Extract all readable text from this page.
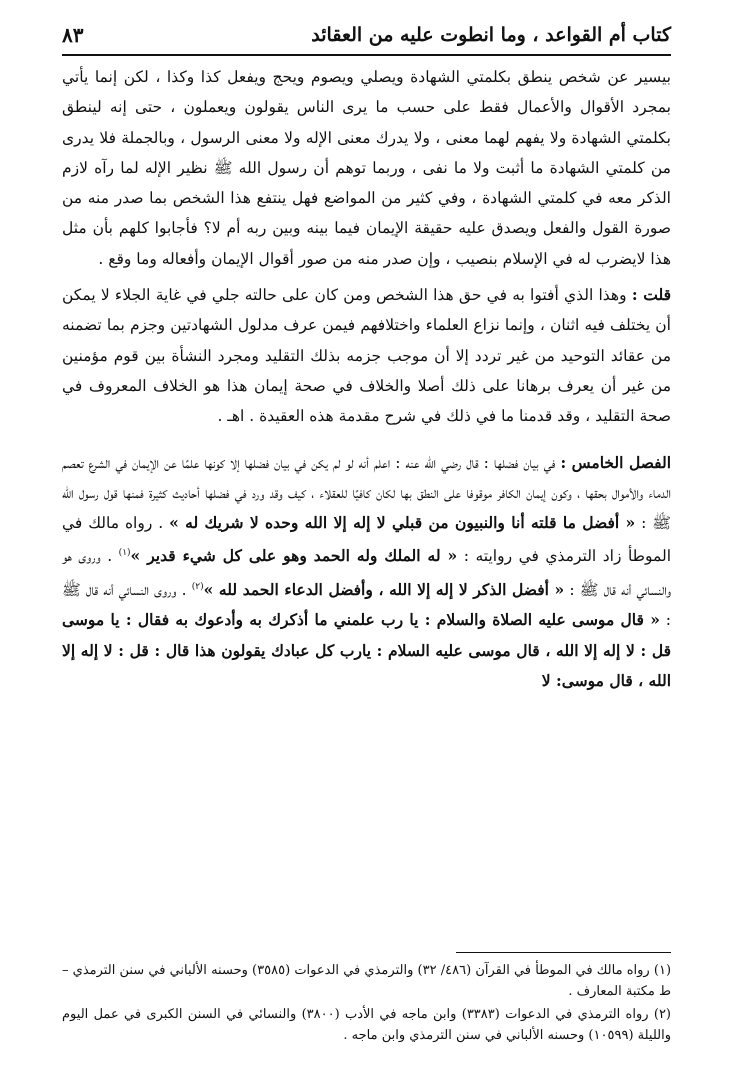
كتاب أم القواعد ، وما انطوت عليه من العقائد
٨٣

بيسير عن شخص ينطق بكلمتي الشهادة ويصلي ويصوم ويحج ويفعل كذا وكذا ، لكن إنما يأتي بمجرد الأقوال والأعمال فقط على حسب ما يرى الناس يقولون ويعملون ، حتى إنه لينطق بكلمتي الشهادة ولا يفهم لهما معنى ، ولا يدرك معنى الإله ولا معنى الرسول ، وبالجملة فلا يدرى من كلمتي الشهادة ما أثبت ولا ما نفى ، وربما توهم أن رسول الله ﷺ نظير الإله لما رآه لازم الذكر معه في كلمتي الشهادة ، وفي كثير من المواضع فهل ينتفع هذا الشخص بما صدر منه من صورة القول والفعل ويصدق عليه حقيقة الإيمان فيما بينه وبين ربه أم لا؟ فأجابوا كلهم بأن مثل هذا لايضرب له في الإسلام بنصيب ، وإن صدر منه من صور أقوال الإيمان وأفعاله وما وقع .

قلت : وهذا الذي أفتوا به في حق هذا الشخص ومن كان على حالته جلي في غاية الجلاء لا يمكن أن يختلف فيه اثنان ، وإنما نزاع العلماء واختلافهم فيمن عرف مدلول الشهادتين وجزم بما تضمنه من عقائد التوحيد من غير تردد إلا أن موجب جزمه بذلك التقليد ومجرد النشأة بين قوم مؤمنين من غير أن يعرف برهانا على ذلك أصلا والخلاف في صحة إيمان هذا هو الخلاف المعروف في صحة التقليد ، وقد قدمنا ما في ذلك في شرح مقدمة هذه العقيدة . اهـ .

الفصل الخامس : في بيان فضلها : قال رضي الله عنه : اعلم أنه لو لم يكن في بيان فضلها إلا كونها علمًا عن الإيمان في الشرع تعصم الدماء والأموال بحقها ، وكون إيمان الكافر موقوفا على النطق بها لكان كافيًا للعقلاء ، كيف وقد ورد في فضلها أحاديث كثيرة فمنها قول رسول الله ﷺ : « أفضل ما قلته أنا والنبيون من قبلي لا إله إلا الله وحده لا شريك له » . رواه مالك في الموطأ زاد الترمذي في روايته : « له الملك وله الحمد وهو على كل شيء قدير »$^{(١)}$ . وروى هو والنسائي أنه قال ﷺ : « أفضل الذكر لا إله إلا الله ، وأفضل الدعاء الحمد لله »$^{(٢)}$ . وروى النسائي أنه قال ﷺ : « قال موسى عليه الصلاة والسلام : يا رب علمني ما أذكرك به وأدعوك به فقال : يا موسى قل : لا إله إلا الله ، قال موسى عليه السلام : يارب كل عبادك يقولون هذا قال : قل : لا إله إلا الله ، قال موسى: لا

(١) رواه مالك في الموطأ في القرآن (٤٨٦/ ٣٢) والترمذي في الدعوات (٣٥٨٥) وحسنه الألباني في سنن الترمذي – ط مكتبة المعارف .

(٢) رواه الترمذي في الدعوات (٣٣٨٣) وابن ماجه في الأدب (٣٨٠٠) والنسائي في السنن الكبرى في عمل اليوم والليلة (١٠٥٩٩) وحسنه الألباني في سنن الترمذي وابن ماجه .
